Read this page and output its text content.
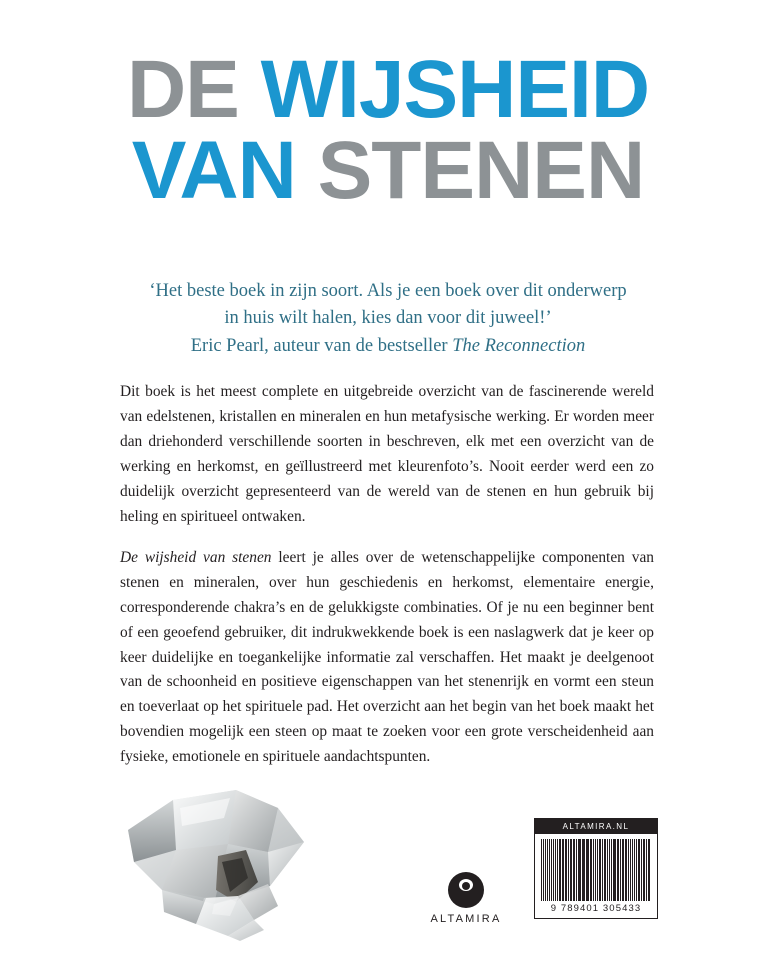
DE WIJSHEID
VAN STENEN
‘Het beste boek in zijn soort. Als je een boek over dit onderwerp
in huis wilt halen, kies dan voor dit juweel!’
Eric Pearl, auteur van de bestseller The Reconnection

Dit boek is het meest complete en uitgebreide overzicht van de fascinerende wereld van edelstenen, kristallen en mineralen en hun metafysische werking. Er worden meer dan driehonderd verschillende soorten in beschreven, elk met een overzicht van de werking en herkomst, en geïllustreerd met kleurenfoto’s. Nooit eerder werd een zo duidelijk overzicht gepresenteerd van de wereld van de stenen en hun gebruik bij heling en spiritueel ontwaken.

De wijsheid van stenen leert je alles over de wetenschappelijke componenten van stenen en mineralen, over hun geschiedenis en herkomst, elementaire energie, corresponderende chakra’s en de gelukkigste combinaties. Of je nu een beginner bent of een geoefend gebruiker, dit indrukwekkende boek is een naslagwerk dat je keer op keer duidelijke en toegankelijke informatie zal verschaffen. Het maakt je deelgenoot van de schoonheid en positieve eigenschappen van het stenenrijk en vormt een steun en toeverlaat op het spirituele pad. Het overzicht aan het begin van het boek maakt het bovendien mogelijk een steen op maat te zoeken voor een grote verscheidenheid aan fysieke, emotionele en spirituele aandachtspunten.

ALTAMIRA
ALTAMIRA.NL
9 789401 305433
